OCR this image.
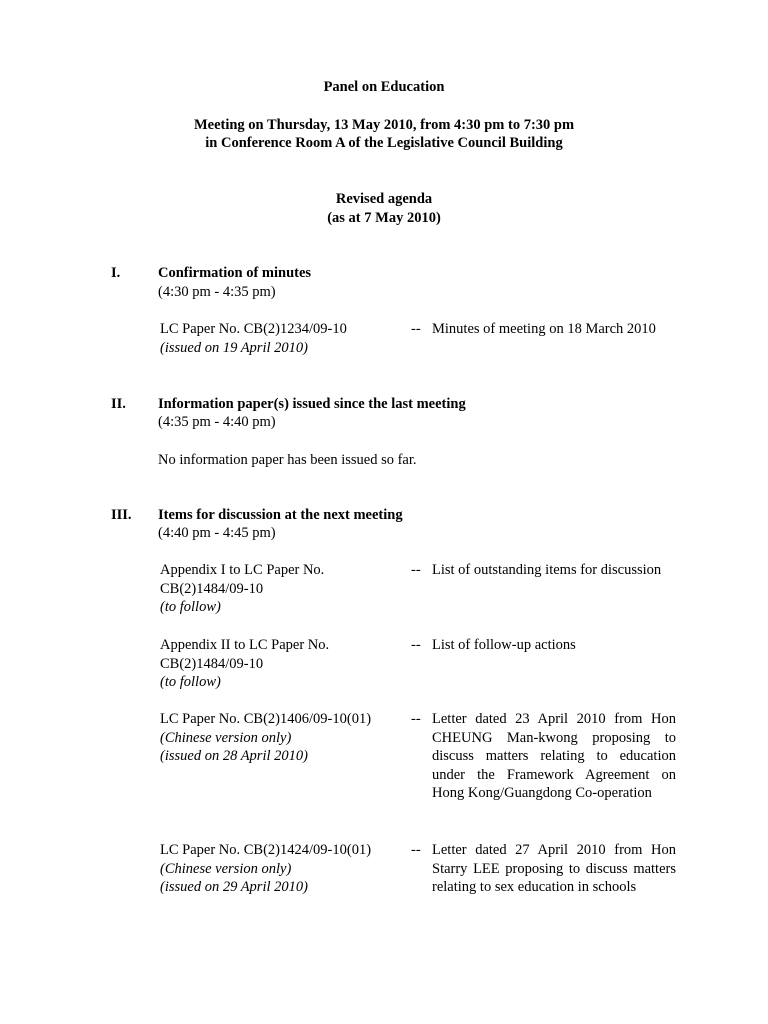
Panel on Education
Meeting on Thursday, 13 May 2010, from 4:30 pm to 7:30 pm
in Conference Room A of the Legislative Council Building
Revised agenda
(as at 7 May 2010)
I.	Confirmation of minutes
(4:30 pm - 4:35 pm)
LC Paper No. CB(2)1234/09-10
(issued on 19 April 2010)
-- Minutes of meeting on 18 March 2010
II. Information paper(s) issued since the last meeting
(4:35 pm - 4:40 pm)
No information paper has been issued so far.
III. Items for discussion at the next meeting
(4:40 pm - 4:45 pm)
Appendix I to LC Paper No.
CB(2)1484/09-10
(to follow)
-- List of outstanding items for discussion
Appendix II to LC Paper No.
CB(2)1484/09-10
(to follow)
-- List of follow-up actions
LC Paper No. CB(2)1406/09-10(01)
(Chinese version only)
(issued on 28 April 2010)
-- Letter dated 23 April 2010 from Hon CHEUNG Man-kwong proposing to discuss matters relating to education under the Framework Agreement on Hong Kong/Guangdong Co-operation
LC Paper No. CB(2)1424/09-10(01)
(Chinese version only)
(issued on 29 April 2010)
-- Letter dated 27 April 2010 from Hon Starry LEE proposing to discuss matters relating to sex education in schools
